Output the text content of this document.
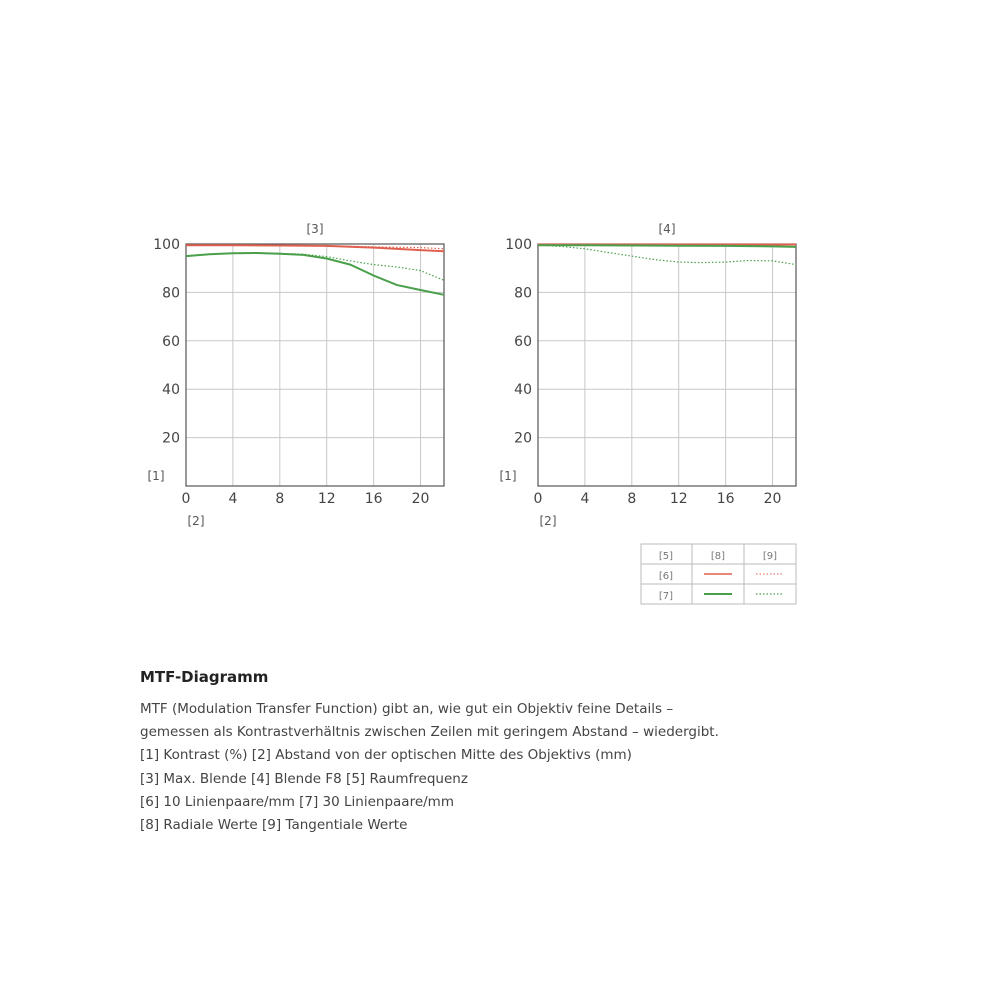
0	4	8 12 16 20
20
40
60
80
100
[3]
[1]
[2]
0	4	8 12 16 20
20
40
60
80
100
[4]
[1]
[2]
[5]	[8]	[9]
[6]
[7]
MTF-Diagramm

MTF (Modulation Transfer Function) gibt an, wie gut ein Objektiv feine Details –

gemessen als Kontrastverhältnis zwischen Zeilen mit geringem Abstand – wiedergibt.

[1] Kontrast (%) [2] Abstand von der optischen Mitte des Objektivs (mm)

[3] Max. Blende [4] Blende F8 [5] Raumfrequenz

[6] 10 Linienpaare/mm [7] 30 Linienpaare/mm

[8] Radiale Werte [9] Tangentiale Werte
